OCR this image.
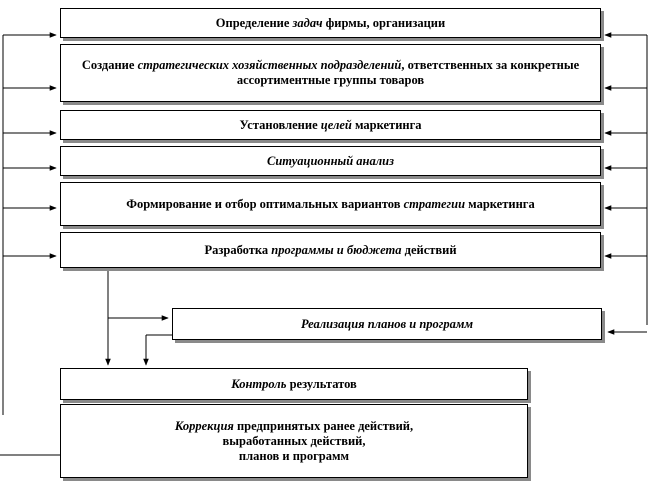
Определение задач фирмы, организации
Создание стратегических хозяйственных подразделений, ответственных за конкретные ассортиментные группы товаров
Установление целей маркетинга
Ситуационный анализ
Формирование и отбор оптимальных вариантов стратегии маркетинга
Разработка программы и бюджета действий
Реализация планов и программ
Контроль результатов
Коррекция предпринятых ранее действий,
выработанных действий,
планов и программ
